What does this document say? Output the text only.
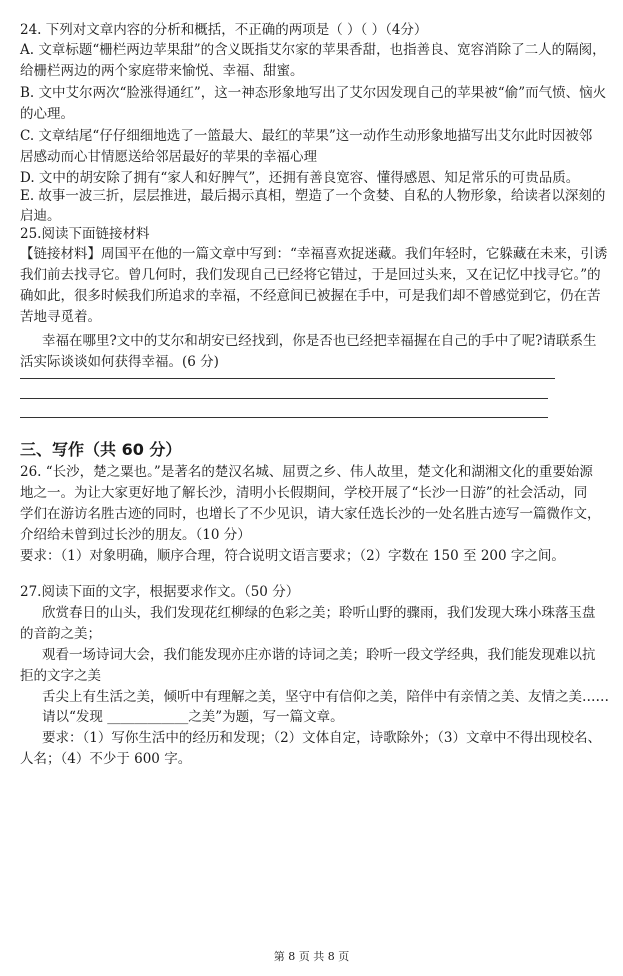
24. 下列对文章内容的分析和概括，不正确的两项是（ ）（ ）（4分）
A. 文章标题“栅栏两边苹果甜”的含义既指艾尔家的苹果香甜，也指善良、宽容消除了二人的隔阂，
给栅栏两边的两个家庭带来愉悦、幸福、甜蜜。
B. 文中艾尔两次“脸涨得通红”，这一神态形象地写出了艾尔因发现自己的苹果被“偷”而气愤、恼火
的心理。
C. 文章结尾“仔仔细细地选了一篮最大、最红的苹果”这一动作生动形象地描写出艾尔此时因被邻
居感动而心甘情愿送给邻居最好的苹果的幸福心理
D. 文中的胡安除了拥有“家人和好脾气”，还拥有善良宽容、懂得感恩、知足常乐的可贵品质。
E. 故事一波三折，层层推进，最后揭示真相，塑造了一个贪婪、自私的人物形象，给读者以深刻的
启迪。
25.阅读下面链接材料
【链接材料】周国平在他的一篇文章中写到：“幸福喜欢捉迷藏。我们年轻时，它躲藏在未来，引诱
我们前去找寻它。曾几何时，我们发现自己已经将它错过，于是回过头来，又在记忆中找寻它。”的
确如此，很多时候我们所追求的幸福，不经意间已被握在手中，可是我们却不曾感觉到它，仍在苦
苦地寻觅着。
幸福在哪里?文中的艾尔和胡安已经找到，你是否也已经把幸福握在自己的手中了呢?请联系生
活实际谈谈如何获得幸福。(6 分)
三、写作（共 60 分）
26. “长沙，楚之粟也。”是著名的楚汉名城、屈贾之乡、伟人故里，楚文化和湖湘文化的重要始源
地之一。为让大家更好地了解长沙，清明小长假期间，学校开展了“长沙一日游”的社会活动，同
学们在游访名胜古迹的同时，也增长了不少见识，请大家任选长沙的一处名胜古迹写一篇微作文，
介绍给未曾到过长沙的朋友。（10 分）
要求：（1）对象明确，顺序合理，符合说明文语言要求；（2）字数在 150 至 200 字之间。
27.阅读下面的文字，根据要求作文。（50 分）
欣赏春日的山头，我们发现花红柳绿的色彩之美；聆听山野的骤雨，我们发现大珠小珠落玉盘
的音韵之美；
观看一场诗词大会，我们能发现亦庄亦谐的诗词之美；聆听一段文学经典，我们能发现难以抗
拒的文字之美
舌尖上有生活之美，倾听中有理解之美，坚守中有信仰之美，陪伴中有亲情之美、友情之美……
请以“发现 ____________之美”为题，写一篇文章。
要求：（1）写你生活中的经历和发现；（2）文体自定，诗歌除外；（3）文章中不得出现校名、
人名；（4）不少于 600 字。
第 8 页 共 8 页
